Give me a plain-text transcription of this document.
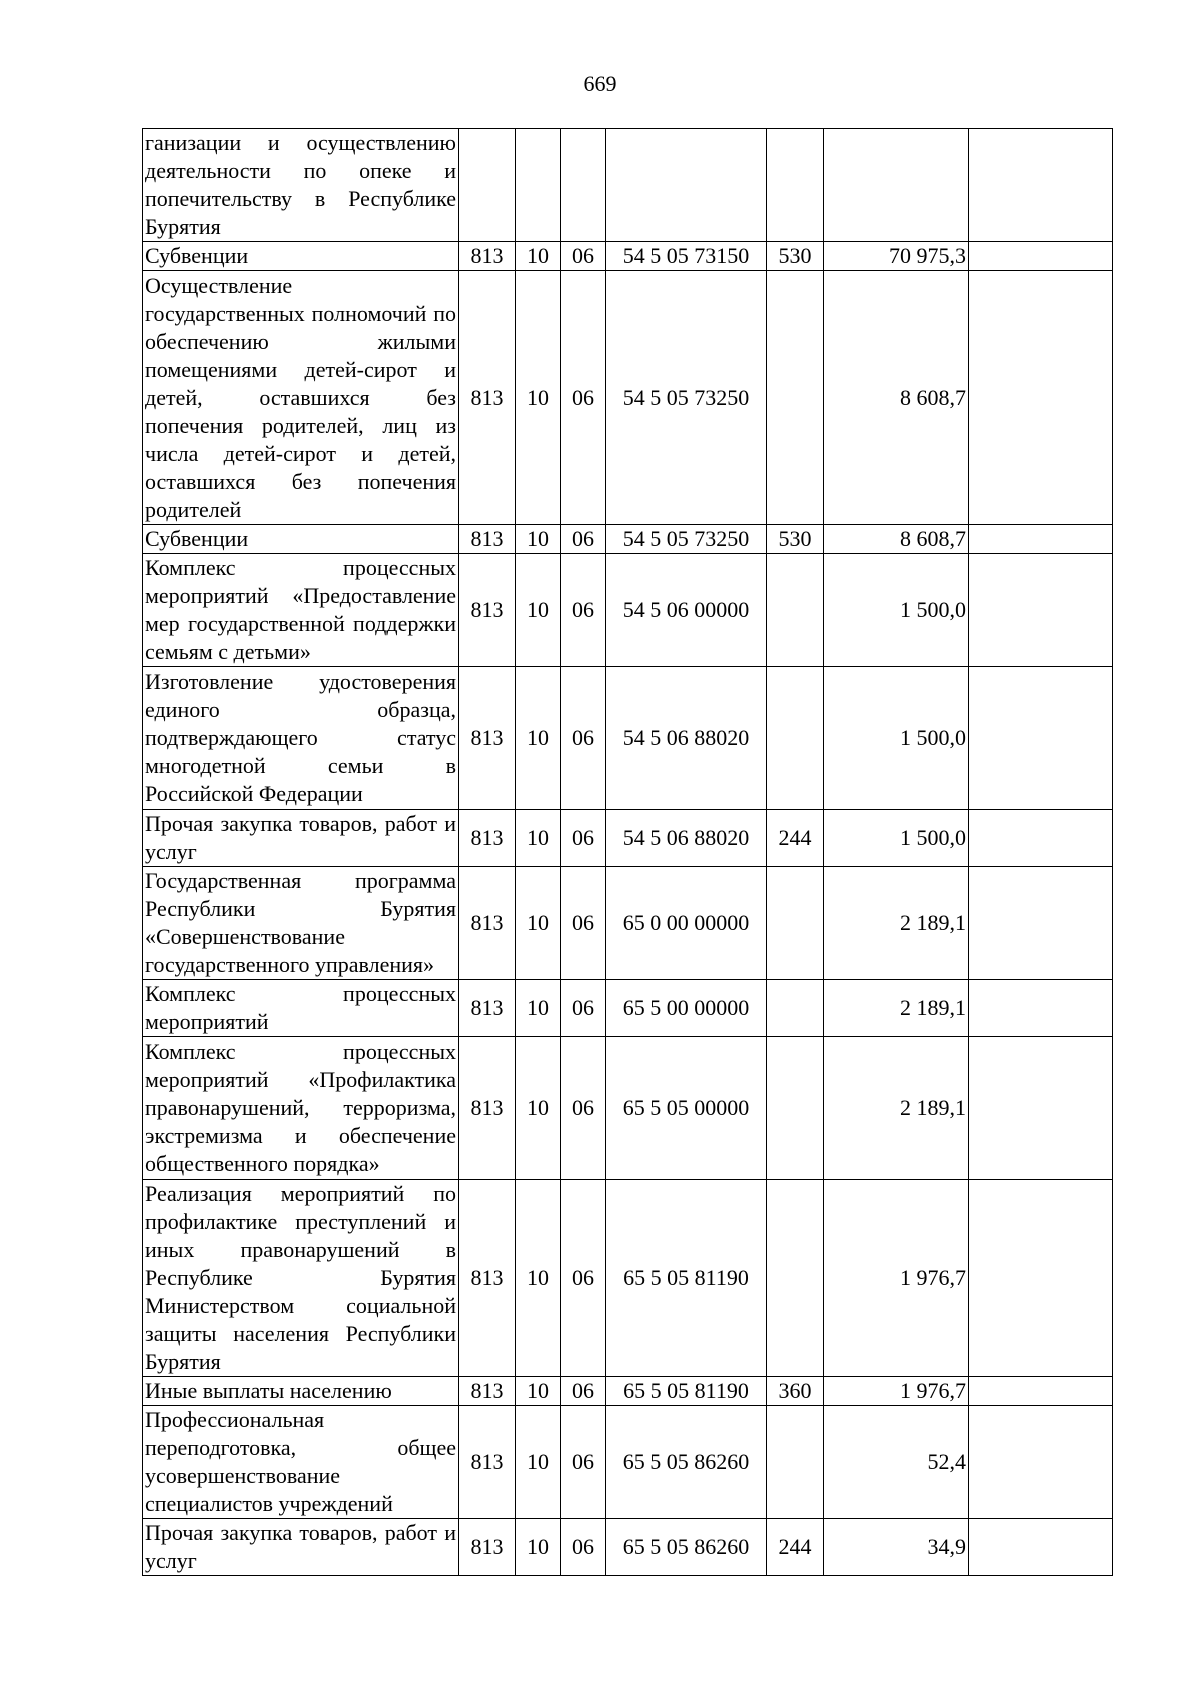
669
ганизации и осуществлению деятельности по опеке и попечительству в Республике Бурятия							
Субвенции	813	10	06	54 5 05 73150	530	70 975,3	
Осуществление государственных полномочий по обеспечению жилыми помещениями детей-сирот и детей, оставшихся без попечения родителей, лиц из числа детей-сирот и детей, оставшихся без попечения родителей	813	10	06	54 5 05 73250		8 608,7	
Субвенции	813	10	06	54 5 05 73250	530	8 608,7	
Комплекс процессных мероприятий «Предоставление мер государственной поддержки семьям с детьми»	813	10	06	54 5 06 00000		1 500,0	
Изготовление удостоверения единого образца, подтверждающего статус многодетной семьи в Российской Федерации	813	10	06	54 5 06 88020		1 500,0	
Прочая закупка товаров, работ и услуг	813	10	06	54 5 06 88020	244	1 500,0	
Государственная программа Республики Бурятия «Совершенствование государственного управления»	813	10	06	65 0 00 00000		2 189,1	
Комплекс процессных мероприятий	813	10	06	65 5 00 00000		2 189,1	
Комплекс процессных мероприятий «Профилактика правонарушений, терроризма, экстремизма и обеспечение общественного порядка»	813	10	06	65 5 05 00000		2 189,1	
Реализация мероприятий по профилактике преступлений и иных правонарушений в Республике Бурятия Министерством социальной защиты населения Республики Бурятия	813	10	06	65 5 05 81190		1 976,7	
Иные выплаты населению	813	10	06	65 5 05 81190	360	1 976,7	
Профессиональная переподготовка, общее усовершенствование специалистов учреждений	813	10	06	65 5 05 86260		52,4	
Прочая закупка товаров, работ и услуг	813	10	06	65 5 05 86260	244	34,9	
